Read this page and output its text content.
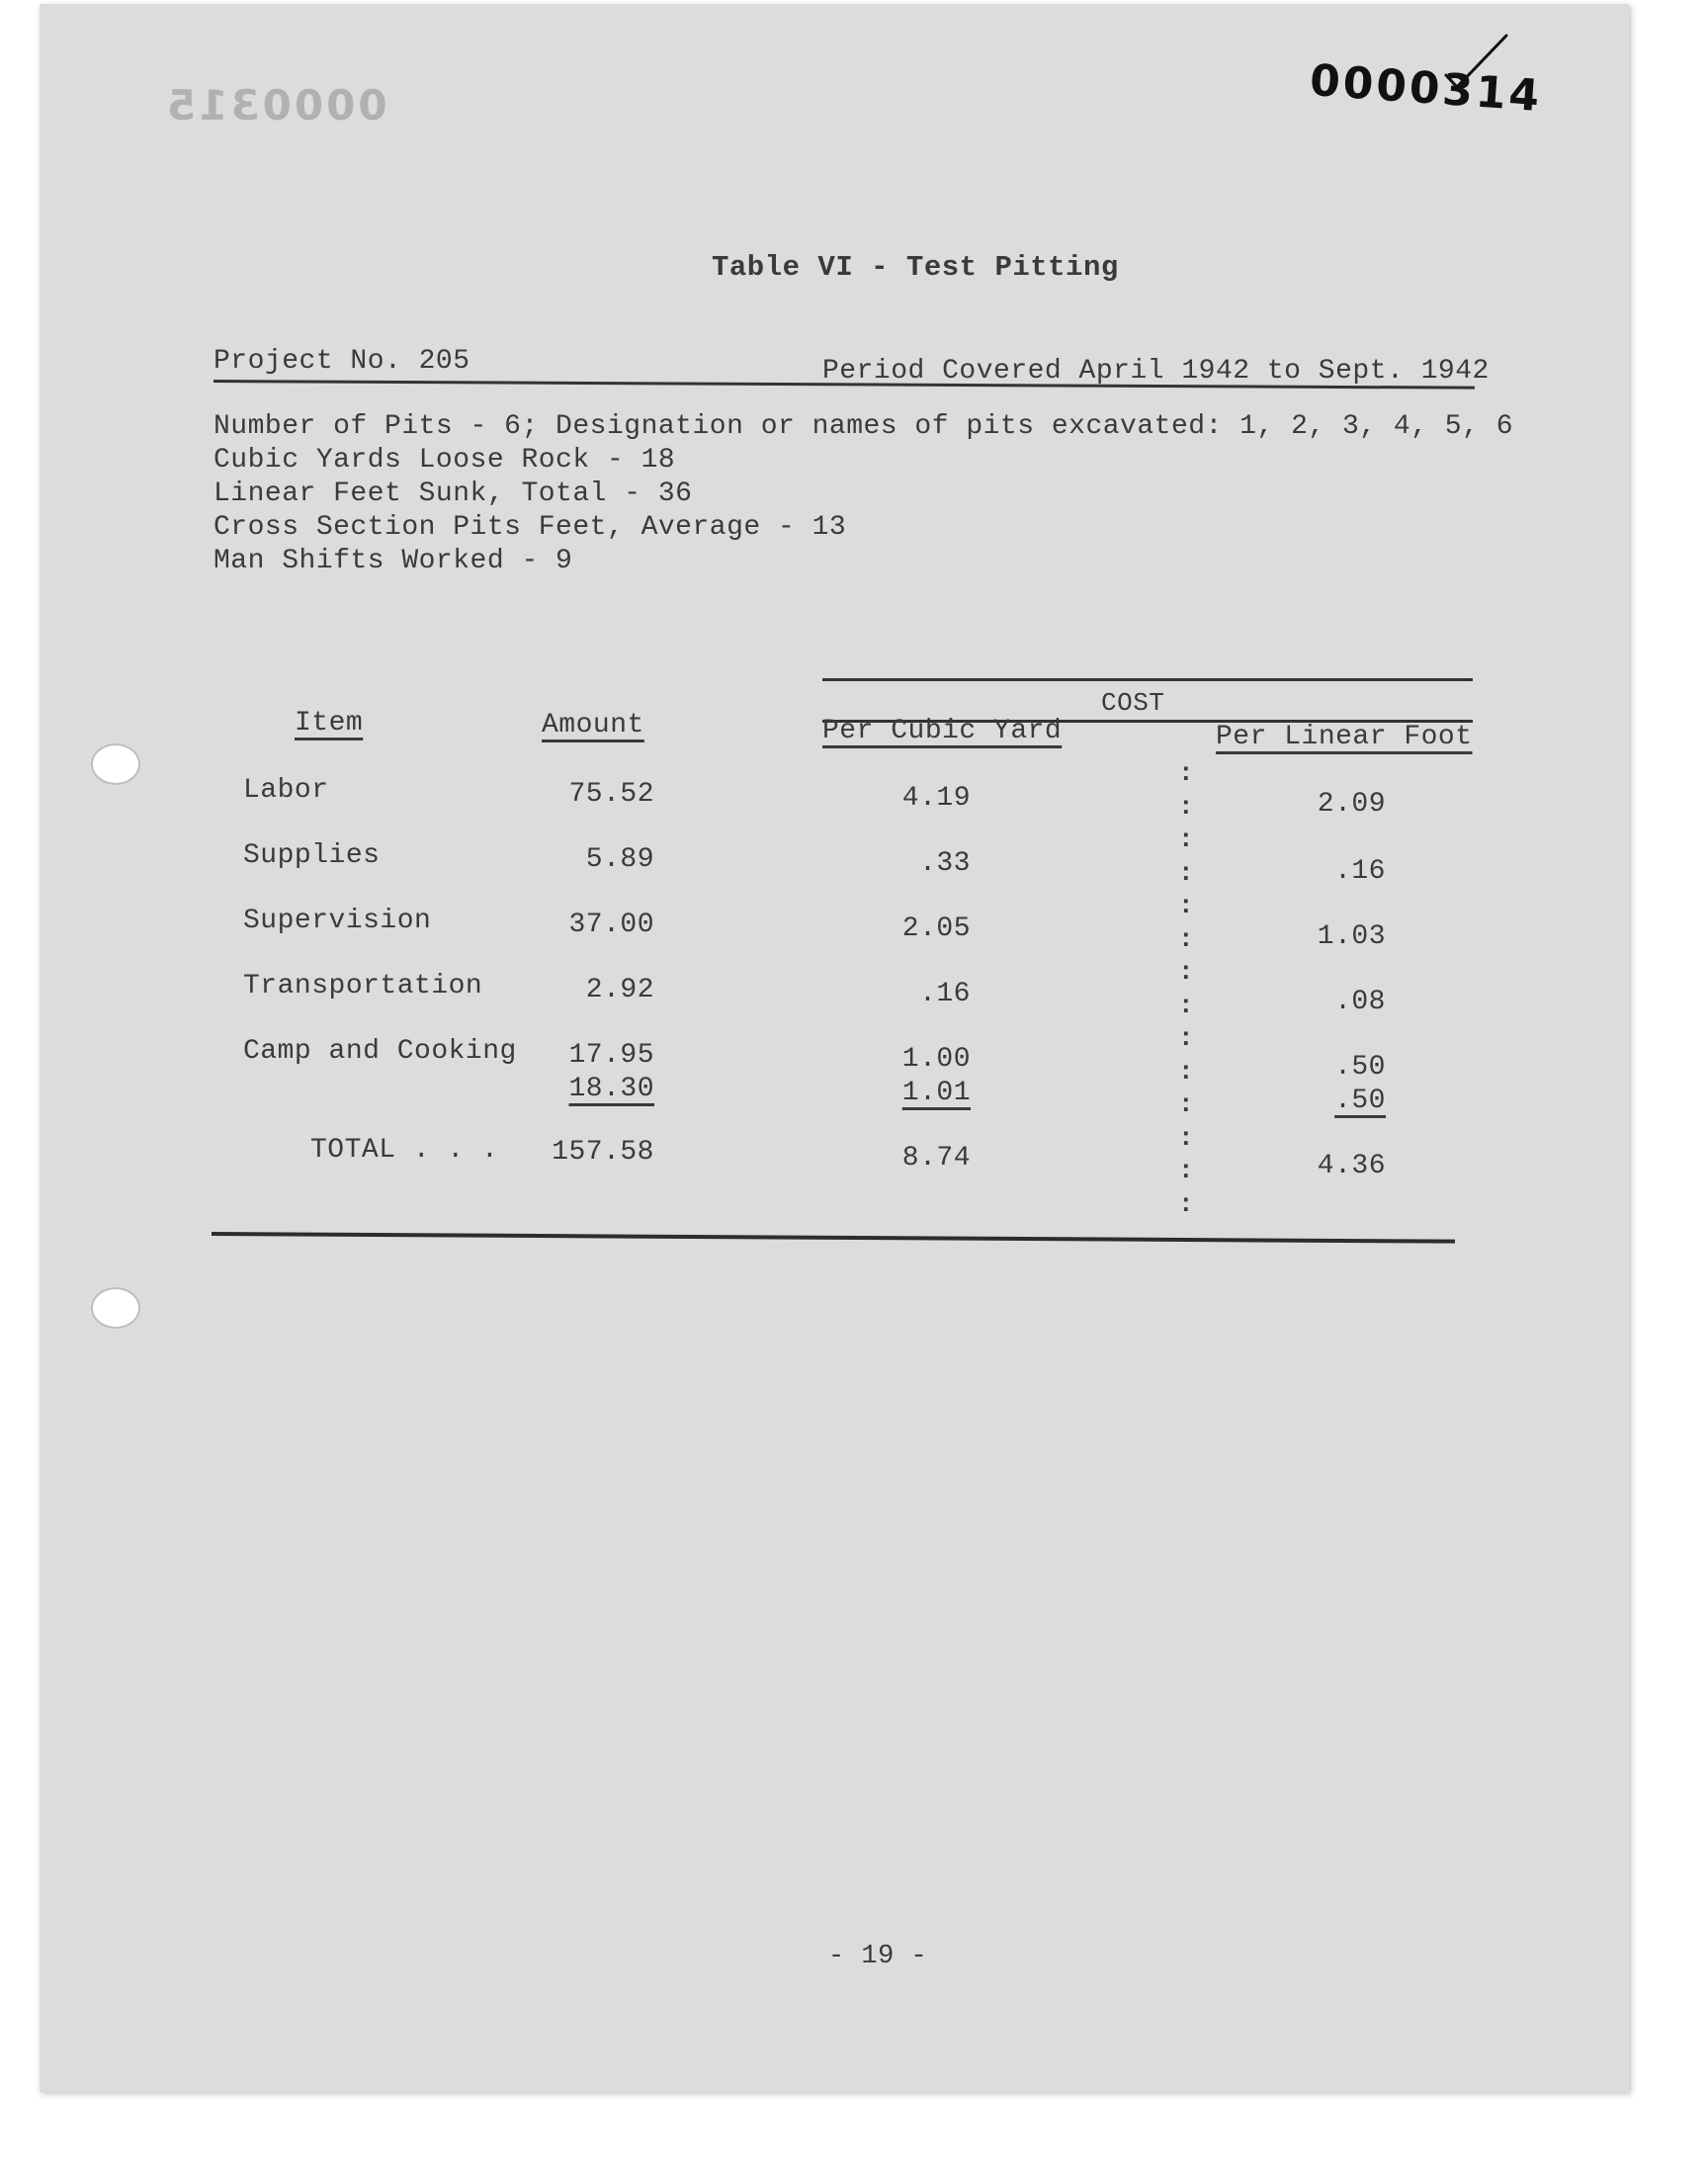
0000314
0000315
Table VI - Test Pitting
Project No. 205	Period Covered April 1942 to Sept. 1942
Number of Pits - 6; Designation or names of pits excavated: 1, 2, 3, 4, 5, 6
Cubic Yards Loose Rock - 18
Linear Feet Sunk, Total - 36
Cross Section Pits Feet, Average - 13
Man Shifts Worked - 9
COST
Item	Amount	Per Cubic Yard	Per Linear Foot
:
:
:
:
:
:
:
:
:
:
:
:
:
:
Labor	75.52	4.19	2.09
Supplies	5.89	.33	.16
Supervision	37.00	2.05	1.03
Transportation	2.92	.16	.08
Camp and Cooking	17.95	1.00	.50
18.30	1.01	.50
TOTAL . . .	157.58	8.74	4.36
- 19 -
